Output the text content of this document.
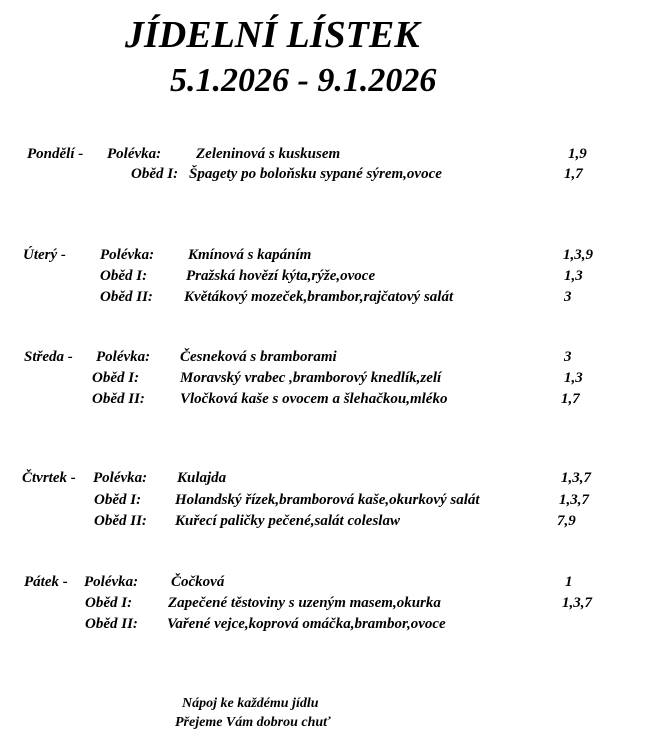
JÍDELNÍ LÍSTEK
5.1.2026 - 9.1.2026
Pondělí - Polévka: Zeleninová s kuskusem	1,9
Oběd I: Špagety po boloňsku sypané sýrem,ovoce	1,7
Úterý - Polévka: Kmínová s kapáním	1,3,9
Oběd I:	Pražská hovězí kýta,rýže,ovoce	1,3
Oběd II: Květákový mozeček,brambor,rajčatový salát	3
Středa - Polévka: Česneková s bramborami	3
Oběd I:	Moravský vrabec ,bramborový knedlík,zelí	1,3
Oběd II: Vločková kaše s ovocem a šlehačkou,mléko	1,7
Čtvrtek - Polévka: Kulajda	1,3,7
Oběd I: Holandský řízek,bramborová kaše,okurkový salát	1,3,7
Oběd II: Kuřecí paličky pečené,salát coleslaw	7,9
Pátek - Polévka: Čočková	1
Oběd I: Zapečené těstoviny s uzeným masem,okurka	1,3,7
Oběd II: Vařené vejce,koprová omáčka,brambor,ovoce
Nápoj ke každému jídlu
Přejeme Vám dobrou chuť
